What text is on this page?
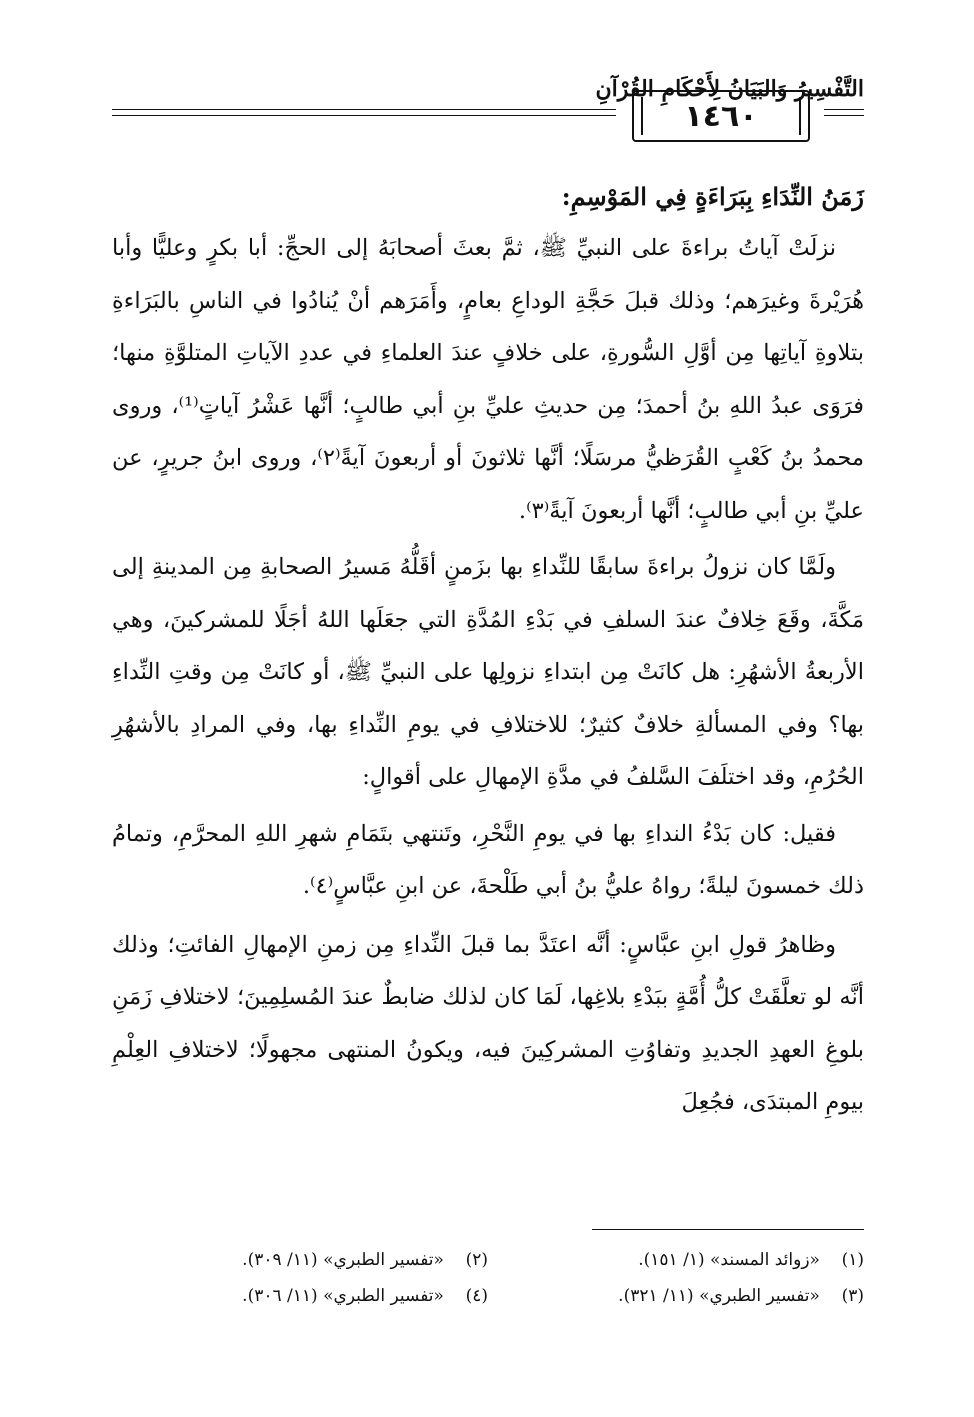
التَّفْسِيرُ وَالبَيَانُ لِأَحْكَامِ القُرْآنِ
١٤٦٠

زَمَنُ النِّدَاءِ بِبَرَاءَةٍ فِي المَوْسِمِ:

نزلَتْ آياتُ براءةَ على النبيِّ ﷺ، ثمَّ بعثَ أصحابَهُ إلى الحجِّ: أبا بكرٍ وعليًّا وأبا هُرَيْرةَ وغيرَهم؛ وذلك قبلَ حَجَّةِ الوداعِ بعامٍ، وأَمَرَهم أنْ يُنادُوا في الناسِ بالبَرَاءةِ بتلاوةِ آياتِها مِن أوَّلِ السُّورةِ، على خلافٍ عندَ العلماءِ في عددِ الآياتِ المتلوَّةِ منها؛ فرَوَى عبدُ اللهِ بنُ أحمدَ؛ مِن حديثِ عليِّ بنِ أبي طالبٍ؛ أنَّها عَشْرُ آياتٍ⁽¹⁾، وروى محمدُ بنُ كَعْبٍ القُرَظيُّ مرسَلًا؛ أنَّها ثلاثونَ أو أربعونَ آيةً⁽٢⁾، وروى ابنُ جريرٍ، عن عليِّ بنِ أبي طالبٍ؛ أنَّها أربعونَ آيةً⁽٣⁾.

ولَمَّا كان نزولُ براءةَ سابقًا للنِّداءِ بها بزَمنٍ أقَلُّهُ مَسيرُ الصحابةِ مِن المدينةِ إلى مَكَّةَ، وقَعَ خِلافٌ عندَ السلفِ في بَدْءِ المُدَّةِ التي جعَلَها اللهُ أجَلًا للمشركينَ، وهي الأربعةُ الأشهُرِ: هل كانَتْ مِن ابتداءِ نزولِها على النبيِّ ﷺ، أو كانَتْ مِن وقتِ النِّداءِ بها؟ وفي المسألةِ خلافٌ كثيرٌ؛ للاختلافِ في يومِ النِّداءِ بها، وفي المرادِ بالأشهُرِ الحُرُمِ، وقد اختلَفَ السَّلفُ في مدَّةِ الإمهالِ على أقوالٍ:

فقيل: كان بَدْءُ النداءِ بها في يومِ النَّحْرِ، وتَنتهي بتَمَامِ شهرِ اللهِ المحرَّمِ، وتمامُ ذلك خمسونَ ليلةً؛ رواهُ عليُّ بنُ أبي طَلْحةَ، عن ابنِ عبَّاسٍ⁽٤⁾.

وظاهرُ قولِ ابنِ عبَّاسٍ: أنَّه اعتَدَّ بما قبلَ النِّداءِ مِن زمنِ الإمهالِ الفائتِ؛ وذلك أنَّه لو تعلَّقَتْ كلُّ أُمَّةٍ ببَدْءِ بلاغِها، لَمَا كان لذلك ضابطٌ عندَ المُسلِمِينَ؛ لاختلافِ زَمَنِ بلوغِ العهدِ الجديدِ وتفاوُتِ المشركِينَ فيه، ويكونُ المنتهى مجهولًا؛ لاختلافِ العِلْمِ بيومِ المبتدَى، فجُعِلَ

(١)    «زوائد المسند» (١/ ١٥١).
(٢)    «تفسير الطبري» (١١/ ٣٠٩).
(٣)    «تفسير الطبري» (١١/ ٣٢١).
(٤)    «تفسير الطبري» (١١/ ٣٠٦).
